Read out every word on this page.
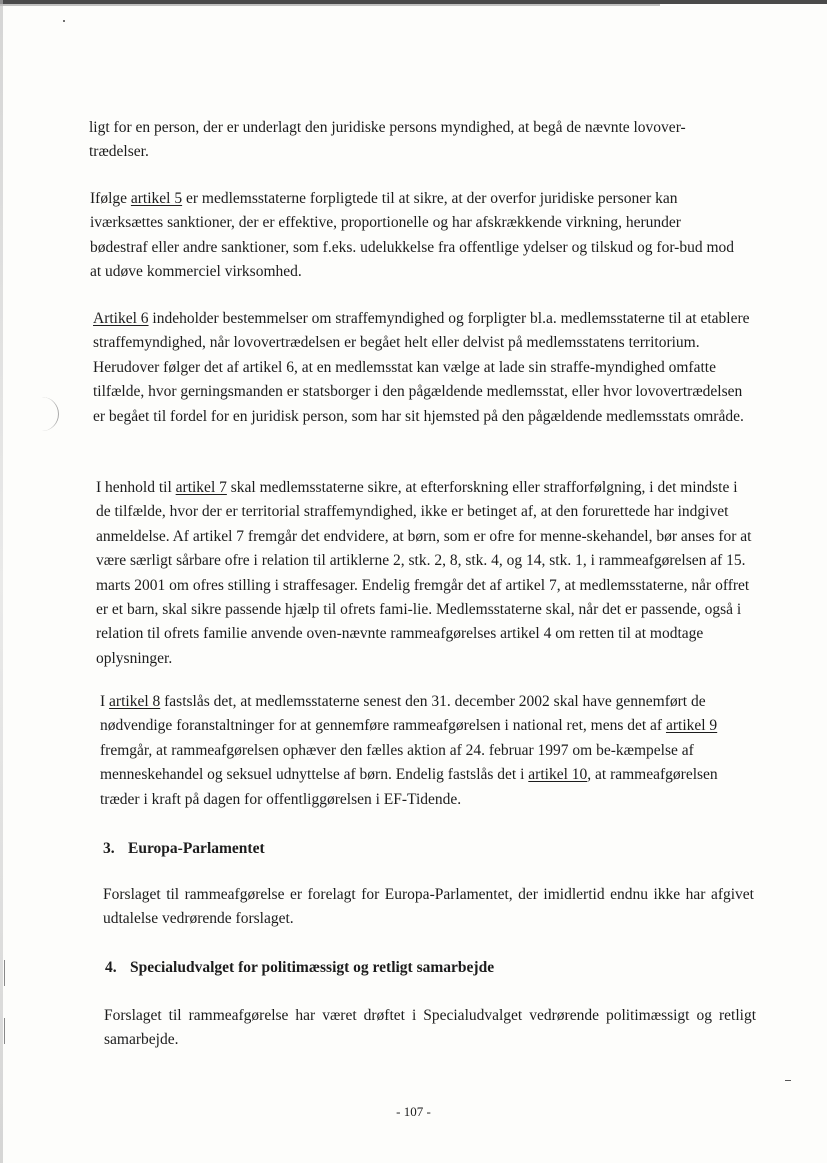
ligt for en person, der er underlagt den juridiske persons myndighed, at begå de nævnte lovover-trædelser.

Ifølge artikel 5 er medlemsstaterne forpligtede til at sikre, at der overfor juridiske personer kan iværksættes sanktioner, der er effektive, proportionelle og har afskrækkende virkning, herunder bødestraf eller andre sanktioner, som f.eks. udelukkelse fra offentlige ydelser og tilskud og for-bud mod at udøve kommerciel virksomhed.

Artikel 6 indeholder bestemmelser om straffemyndighed og forpligter bl.a. medlemsstaterne til at etablere straffemyndighed, når lovovertrædelsen er begået helt eller delvist på medlemsstatens territorium. Herudover følger det af artikel 6, at en medlemsstat kan vælge at lade sin straffe-myndighed omfatte tilfælde, hvor gerningsmanden er statsborger i den pågældende medlemsstat, eller hvor lovovertrædelsen er begået til fordel for en juridisk person, som har sit hjemsted på den pågældende medlemsstats område.

I henhold til artikel 7 skal medlemsstaterne sikre, at efterforskning eller strafforfølgning, i det mindste i de tilfælde, hvor der er territorial straffemyndighed, ikke er betinget af, at den forurettede har indgivet anmeldelse. Af artikel 7 fremgår det endvidere, at børn, som er ofre for menne-skehandel, bør anses for at være særligt sårbare ofre i relation til artiklerne 2, stk. 2, 8, stk. 4, og 14, stk. 1, i rammeafgørelsen af 15. marts 2001 om ofres stilling i straffesager. Endelig fremgår det af artikel 7, at medlemsstaterne, når offret er et barn, skal sikre passende hjælp til ofrets fami-lie. Medlemsstaterne skal, når det er passende, også i relation til ofrets familie anvende oven-nævnte rammeafgørelses artikel 4 om retten til at modtage oplysninger.

I artikel 8 fastslås det, at medlemsstaterne senest den 31. december 2002 skal have gennemført de nødvendige foranstaltninger for at gennemføre rammeafgørelsen i national ret, mens det af artikel 9 fremgår, at rammeafgørelsen ophæver den fælles aktion af 24. februar 1997 om be-kæmpelse af menneskehandel og seksuel udnyttelse af børn. Endelig fastslås det i artikel 10, at rammeafgørelsen træder i kraft på dagen for offentliggørelsen i EF-Tidende.

3. Europa-Parlamentet

Forslaget til rammeafgørelse er forelagt for Europa-Parlamentet, der imidlertid endnu ikke har afgivet udtalelse vedrørende forslaget.

4. Specialudvalget for politimæssigt og retligt samarbejde

Forslaget til rammeafgørelse har været drøftet i Specialudvalget vedrørende politimæssigt og retligt samarbejde.

- 107 -
